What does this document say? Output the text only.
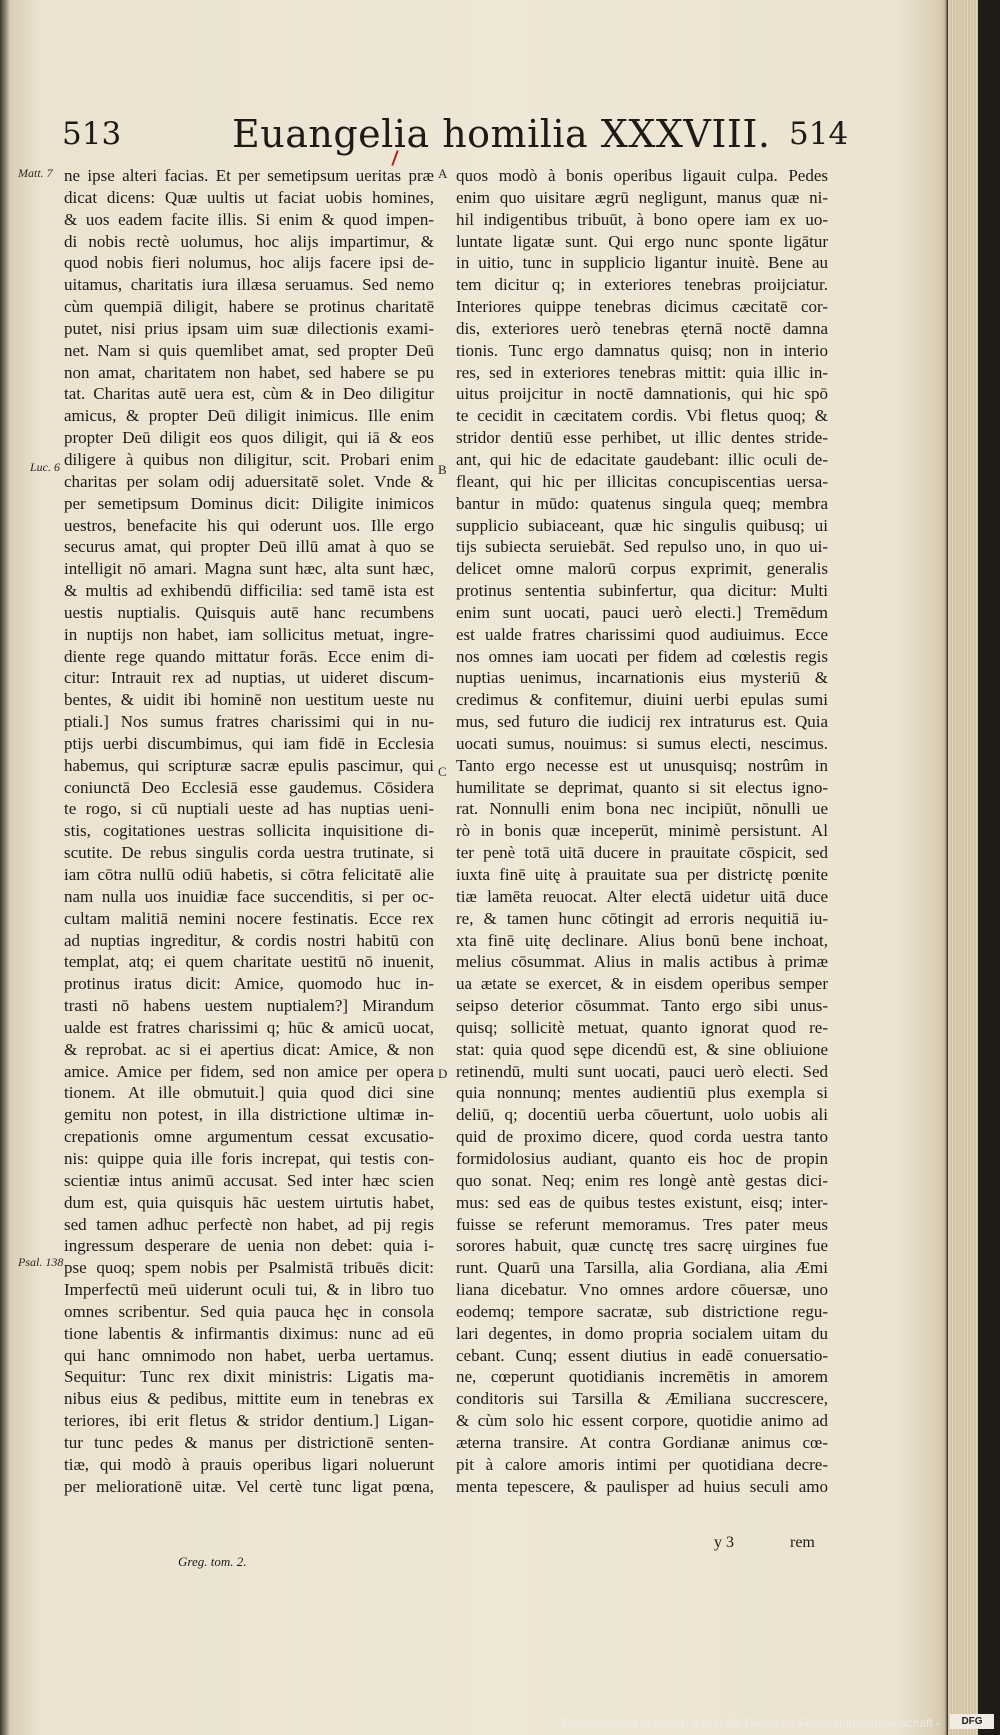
513	Euangelia homilia XXXVIII. 514
ne ipse alteri facias. Et per semetipsum ueritas præ
dicat dicens: Quæ uultis ut faciat uobis homines,
& uos eadem facite illis. Si enim & quod impen-
di nobis rectè uolumus, hoc alijs impartimur, &
quod nobis fieri nolumus, hoc alijs facere ipsi de-
uitamus, charitatis iura illæsa seruamus. Sed nemo
cùm quempiā diligit, habere se protinus charitatē
putet, nisi prius ipsam uim suæ dilectionis exami-
net. Nam si quis quemlibet amat, sed propter Deū
non amat, charitatem non habet, sed habere se pu
tat. Charitas autē uera est, cùm & in Deo diligitur
amicus, & propter Deū diligit inimicus. Ille enim
propter Deū diligit eos quos diligit, qui iā & eos
diligere à quibus non diligitur, scit. Probari enim
charitas per solam odij aduersitatē solet. Vnde &
per semetipsum Dominus dicit: Diligite inimicos
uestros, benefacite his qui oderunt uos. Ille ergo
securus amat, qui propter Deū illū amat à quo se
intelligit nō amari. Magna sunt hæc, alta sunt hæc,
& multis ad exhibendū difficilia: sed tamē ista est
uestis nuptialis. Quisquis autē hanc recumbens
in nuptijs non habet, iam sollicitus metuat, ingre-
diente rege quando mittatur forās. Ecce enim di-
citur: Intrauit rex ad nuptias, ut uideret discum-
bentes, & uidit ibi hominē non uestitum ueste nu
ptiali.] Nos sumus fratres charissimi qui in nu-
ptijs uerbi discumbimus, qui iam fidē in Ecclesia
habemus, qui scripturæ sacræ epulis pascimur, qui
coniunctā Deo Ecclesiā esse gaudemus. Cōsidera
te rogo, si cū nuptiali ueste ad has nuptias ueni-
stis, cogitationes uestras sollicita inquisitione di-
scutite. De rebus singulis corda uestra trutinate, si
iam cōtra nullū odiū habetis, si cōtra felicitatē alie
nam nulla uos inuidiæ face succenditis, si per oc-
cultam malitiā nemini nocere festinatis. Ecce rex
ad nuptias ingreditur, & cordis nostri habitū con
templat, atq; ei quem charitate uestitū nō inuenit,
protinus iratus dicit: Amice, quomodo huc in-
trasti nō habens uestem nuptialem?] Mirandum
ualde est fratres charissimi q; hūc & amicū uocat,
& reprobat. ac si ei apertius dicat: Amice, & non
amice. Amice per fidem, sed non amice per opera
tionem. At ille obmutuit.] quia quod dici sine
gemitu non potest, in illa districtione ultimæ in-
crepationis omne argumentum cessat excusatio-
nis: quippe quia ille foris increpat, qui testis con-
scientiæ intus animū accusat. Sed inter hæc scien
dum est, quia quisquis hāc uestem uirtutis habet,
sed tamen adhuc perfectè non habet, ad pij regis
ingressum desperare de uenia non debet: quia i-
pse quoq; spem nobis per Psalmistā tribuēs dicit:
Imperfectū meū uiderunt oculi tui, & in libro tuo
omnes scribentur. Sed quia pauca hęc in consola
tione labentis & infirmantis diximus: nunc ad eū
qui hanc omnimodo non habet, uerba uertamus.
Sequitur: Tunc rex dixit ministris: Ligatis ma-
nibus eius & pedibus, mittite eum in tenebras ex
teriores, ibi erit fletus & stridor dentium.] Ligan-
tur tunc pedes & manus per districtionē senten-
tiæ, qui modò à prauis operibus ligari noluerunt
per meliorationē uitæ. Vel certè tunc ligat pœna,
quos modò à bonis operibus ligauit culpa. Pedes
enim quo uisitare ægrū negligunt, manus quæ ni-
hil indigentibus tribuūt, à bono opere iam ex uo-
luntate ligatæ sunt. Qui ergo nunc sponte ligātur
in uitio, tunc in supplicio ligantur inuitè. Bene au
tem dicitur q; in exteriores tenebras proijciatur.
Interiores quippe tenebras dicimus cæcitatē cor-
dis, exteriores uerò tenebras ęternā noctē damna
tionis. Tunc ergo damnatus quisq; non in interio
res, sed in exteriores tenebras mittit: quia illic in-
uitus proijcitur in noctē damnationis, qui hic spō
te cecidit in cæcitatem cordis. Vbi fletus quoq; &
stridor dentiū esse perhibet, ut illic dentes stride-
ant, qui hic de edacitate gaudebant: illic oculi de-
fleant, qui hic per illicitas concupiscentias uersa-
bantur in mūdo: quatenus singula queq; membra
supplicio subiaceant, quæ hic singulis quibusq; ui
tijs subiecta seruiebāt. Sed repulso uno, in quo ui-
delicet omne malorū corpus exprimit, generalis
protinus sententia subinfertur, qua dicitur: Multi
enim sunt uocati, pauci uerò electi.] Tremēdum
est ualde fratres charissimi quod audiuimus. Ecce
nos omnes iam uocati per fidem ad cœlestis regis
nuptias uenimus, incarnationis eius mysteriū &
credimus & confitemur, diuini uerbi epulas sumi
mus, sed futuro die iudicij rex intraturus est. Quia
uocati sumus, nouimus: si sumus electi, nescimus.
Tanto ergo necesse est ut unusquisq; nostrûm in
humilitate se deprimat, quanto si sit electus igno-
rat. Nonnulli enim bona nec incipiūt, nōnulli ue
rò in bonis quæ inceperūt, minimè persistunt. Al
ter penè totā uitā ducere in prauitate cōspicit, sed
iuxta finē uitę à prauitate sua per districtę pœnite
tiæ lamēta reuocat. Alter electā uidetur uitā duce
re, & tamen hunc cōtingit ad erroris nequitiā iu-
xta finē uitę declinare. Alius bonū bene inchoat,
melius cōsummat. Alius in malis actibus à primæ
ua ætate se exercet, & in eisdem operibus semper
seipso deterior cōsummat. Tanto ergo sibi unus-
quisq; sollicitè metuat, quanto ignorat quod re-
stat: quia quod sępe dicendū est, & sine obliuione
retinendū, multi sunt uocati, pauci uerò electi. Sed
quia nonnunq; mentes audientiū plus exempla si
deliū, q; docentiū uerba cōuertunt, uolo uobis ali
quid de proximo dicere, quod corda uestra tanto
formidolosius audiant, quanto eis hoc de propin
quo sonat. Neq; enim res longè antè gestas dici-
mus: sed eas de quibus testes existunt, eisq; inter-
fuisse se referunt memoramus. Tres pater meus
sorores habuit, quæ cunctę tres sacrę uirgines fue
runt. Quarū una Tarsilla, alia Gordiana, alia Æmi
liana dicebatur. Vno omnes ardore cōuersæ, uno
eodemq; tempore sacratæ, sub districtione regu-
lari degentes, in domo propria socialem uitam du
cebant. Cunq; essent diutius in eadē conuersatio-
ne, cœperunt quotidianis incremētis in amorem
conditoris sui Tarsilla & Æmiliana succrescere,
& cùm solo hic essent corpore, quotidie animo ad
æterna transire. At contra Gordianæ animus cœ-
pit à calore amoris intimi per quotidiana decre-
menta tepescere, & paulisper ad huius seculi amo
Matt. 7
Luc. 6
Psal. 138
A
B
C
D
Greg. tom. 2.
y 3	rem
Digitalisierung gefördert durch die Deutsche Forschungsgemeinschaft -	DFG
